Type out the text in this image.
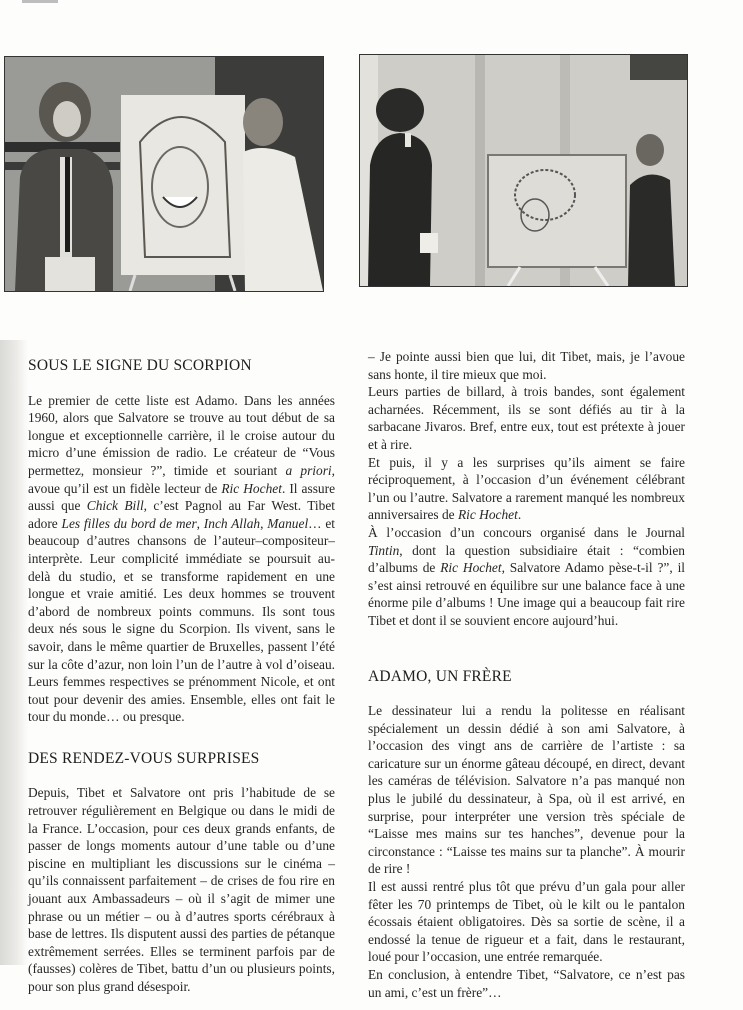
SOUS LE SIGNE DU SCORPION

Le premier de cette liste est Adamo. Dans les années 1960, alors que Salvatore se trouve au tout début de sa longue et exceptionnelle carrière, il le croise autour du micro d’une émission de radio. Le créateur de “Vous permettez, monsieur ?”, timide et souriant a priori, avoue qu’il est un fidèle lecteur de Ric Hochet. Il assure aussi que Chick Bill, c’est Pagnol au Far West. Tibet adore Les filles du bord de mer, Inch Allah, Manuel… et beaucoup d’autres chansons de l’auteur–compositeur–interprète. Leur complicité immédiate se poursuit au-delà du studio, et se transforme rapidement en une longue et vraie amitié. Les deux hommes se trouvent d’abord de nombreux points communs. Ils sont tous deux nés sous le signe du Scorpion. Ils vivent, sans le savoir, dans le même quartier de Bruxelles, passent l’été sur la côte d’azur, non loin l’un de l’autre à vol d’oiseau. Leurs femmes respectives se prénomment Nicole, et ont tout pour devenir des amies. Ensemble, elles ont fait le tour du monde… ou presque.

DES RENDEZ-VOUS SURPRISES

Depuis, Tibet et Salvatore ont pris l’habitude de se retrouver régulièrement en Belgique ou dans le midi de la France. L’occasion, pour ces deux grands enfants, de passer de longs moments autour d’une table ou d’une piscine en multipliant les discussions sur le cinéma – qu’ils connaissent parfaitement – de crises de fou rire en jouant aux Ambassadeurs – où il s’agit de mimer une phrase ou un métier – ou à d’autres sports cérébraux à base de lettres. Ils disputent aussi des parties de pétanque extrêmement serrées. Elles se terminent parfois par de (fausses) colères de Tibet, battu d’un ou plusieurs points, pour son plus grand désespoir.

– Je pointe aussi bien que lui, dit Tibet, mais, je l’avoue sans honte, il tire mieux que moi.

Leurs parties de billard, à trois bandes, sont également acharnées. Récemment, ils se sont défiés au tir à la sarbacane Jivaros. Bref, entre eux, tout est prétexte à jouer et à rire.

Et puis, il y a les surprises qu’ils aiment se faire réciproquement, à l’occasion d’un événement célébrant l’un ou l’autre. Salvatore a rarement manqué les nombreux anniversaires de Ric Hochet.

À l’occasion d’un concours organisé dans le Journal Tintin, dont la question subsidiaire était : “combien d’albums de Ric Hochet, Salvatore Adamo pèse-t-il ?”, il s’est ainsi retrouvé en équilibre sur une balance face à une énorme pile d’albums ! Une image qui a beaucoup fait rire Tibet et dont il se souvient encore aujourd’hui.

ADAMO, UN FRÈRE

Le dessinateur lui a rendu la politesse en réalisant spécialement un dessin dédié à son ami Salvatore, à l’occasion des vingt ans de carrière de l’artiste : sa caricature sur un énorme gâteau découpé, en direct, devant les caméras de télévision. Salvatore n’a pas manqué non plus le jubilé du dessinateur, à Spa, où il est arrivé, en surprise, pour interpréter une version très spéciale de “Laisse mes mains sur tes hanches”, devenue pour la circonstance : “Laisse tes mains sur ta planche”. À mourir de rire !

Il est aussi rentré plus tôt que prévu d’un gala pour aller fêter les 70 printemps de Tibet, où le kilt ou le pantalon écossais étaient obligatoires. Dès sa sortie de scène, il a endossé la tenue de rigueur et a fait, dans le restaurant, loué pour l’occasion, une entrée remarquée.

En conclusion, à entendre Tibet, “Salvatore, ce n’est pas un ami, c’est un frère”…
